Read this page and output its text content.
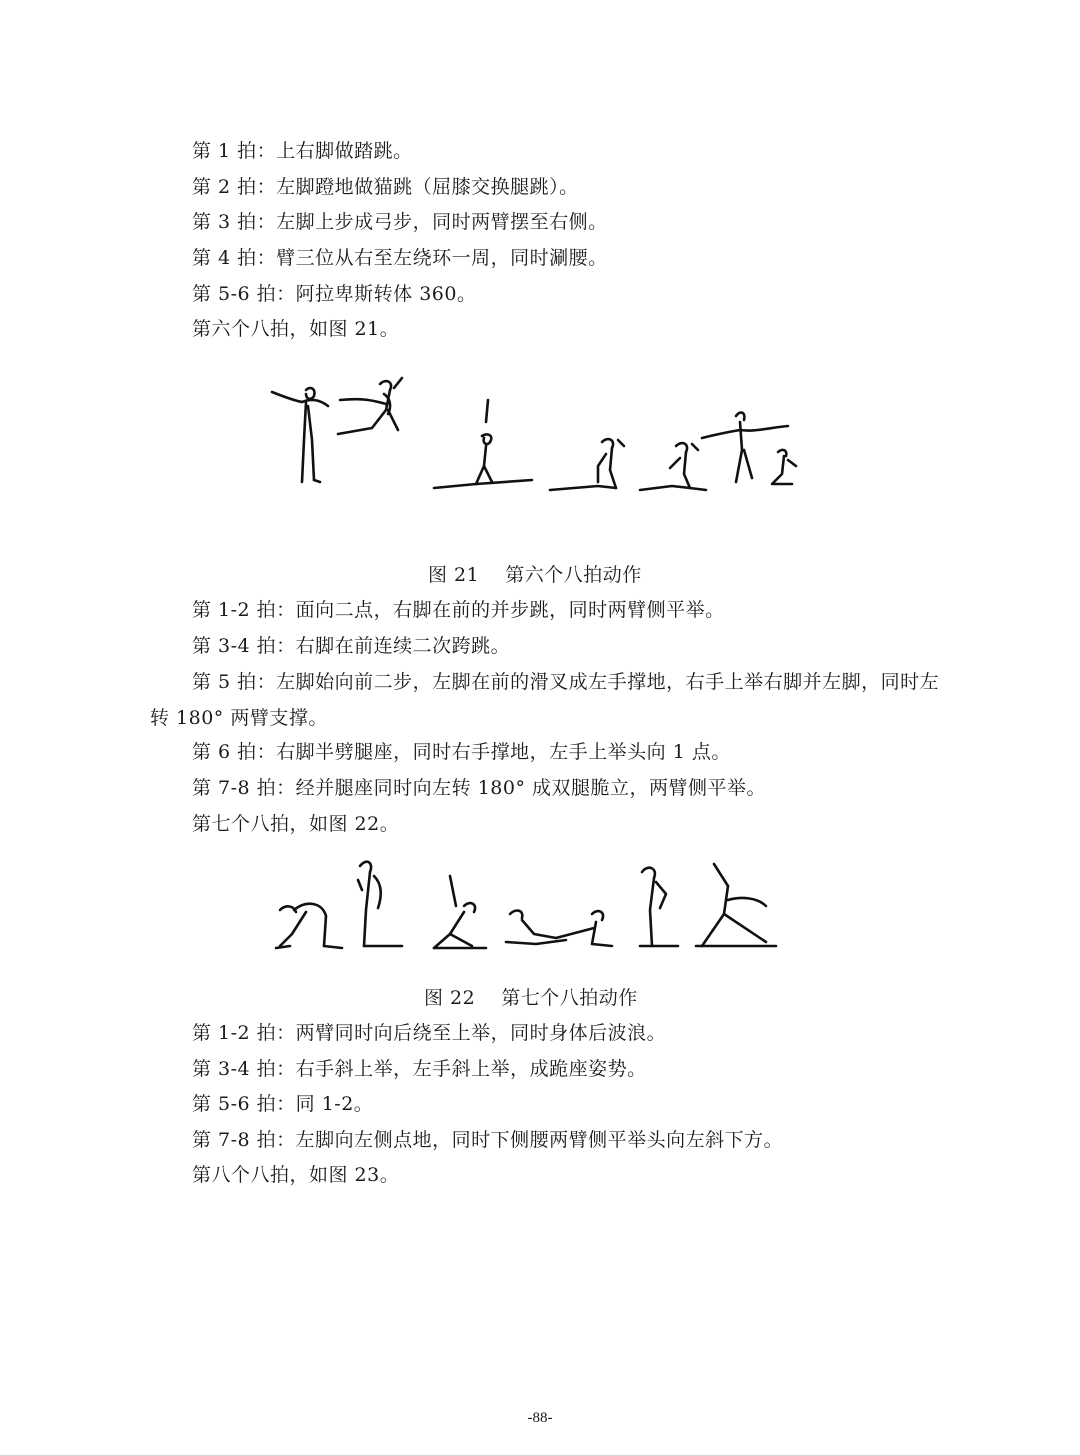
第 1 拍：上右脚做踏跳。
第 2 拍：左脚蹬地做猫跳（屈膝交换腿跳）。
第 3 拍：左脚上步成弓步，同时两臂摆至右侧。
第 4 拍：臂三位从右至左绕环一周，同时涮腰。
第 5-6 拍：阿拉卑斯转体 360。
第六个八拍，如图 21。
图 21 第六个八拍动作
第 1-2 拍：面向二点，右脚在前的并步跳，同时两臂侧平举。
第 3-4 拍：右脚在前连续二次跨跳。
第 5 拍：左脚始向前二步，左脚在前的滑叉成左手撑地，右手上举右脚并左脚，同时左转 180° 两臂支撑。
第 6 拍：右脚半劈腿座，同时右手撑地，左手上举头向 1 点。
第 7-8 拍：经并腿座同时向左转 180° 成双腿脆立，两臂侧平举。
第七个八拍，如图 22。
图 22 第七个八拍动作
第 1-2 拍：两臂同时向后绕至上举，同时身体后波浪。
第 3-4 拍：右手斜上举，左手斜上举，成跪座姿势。
第 5-6 拍：同 1-2。
第 7-8 拍：左脚向左侧点地，同时下侧腰两臂侧平举头向左斜下方。
第八个八拍，如图 23。
-88-
